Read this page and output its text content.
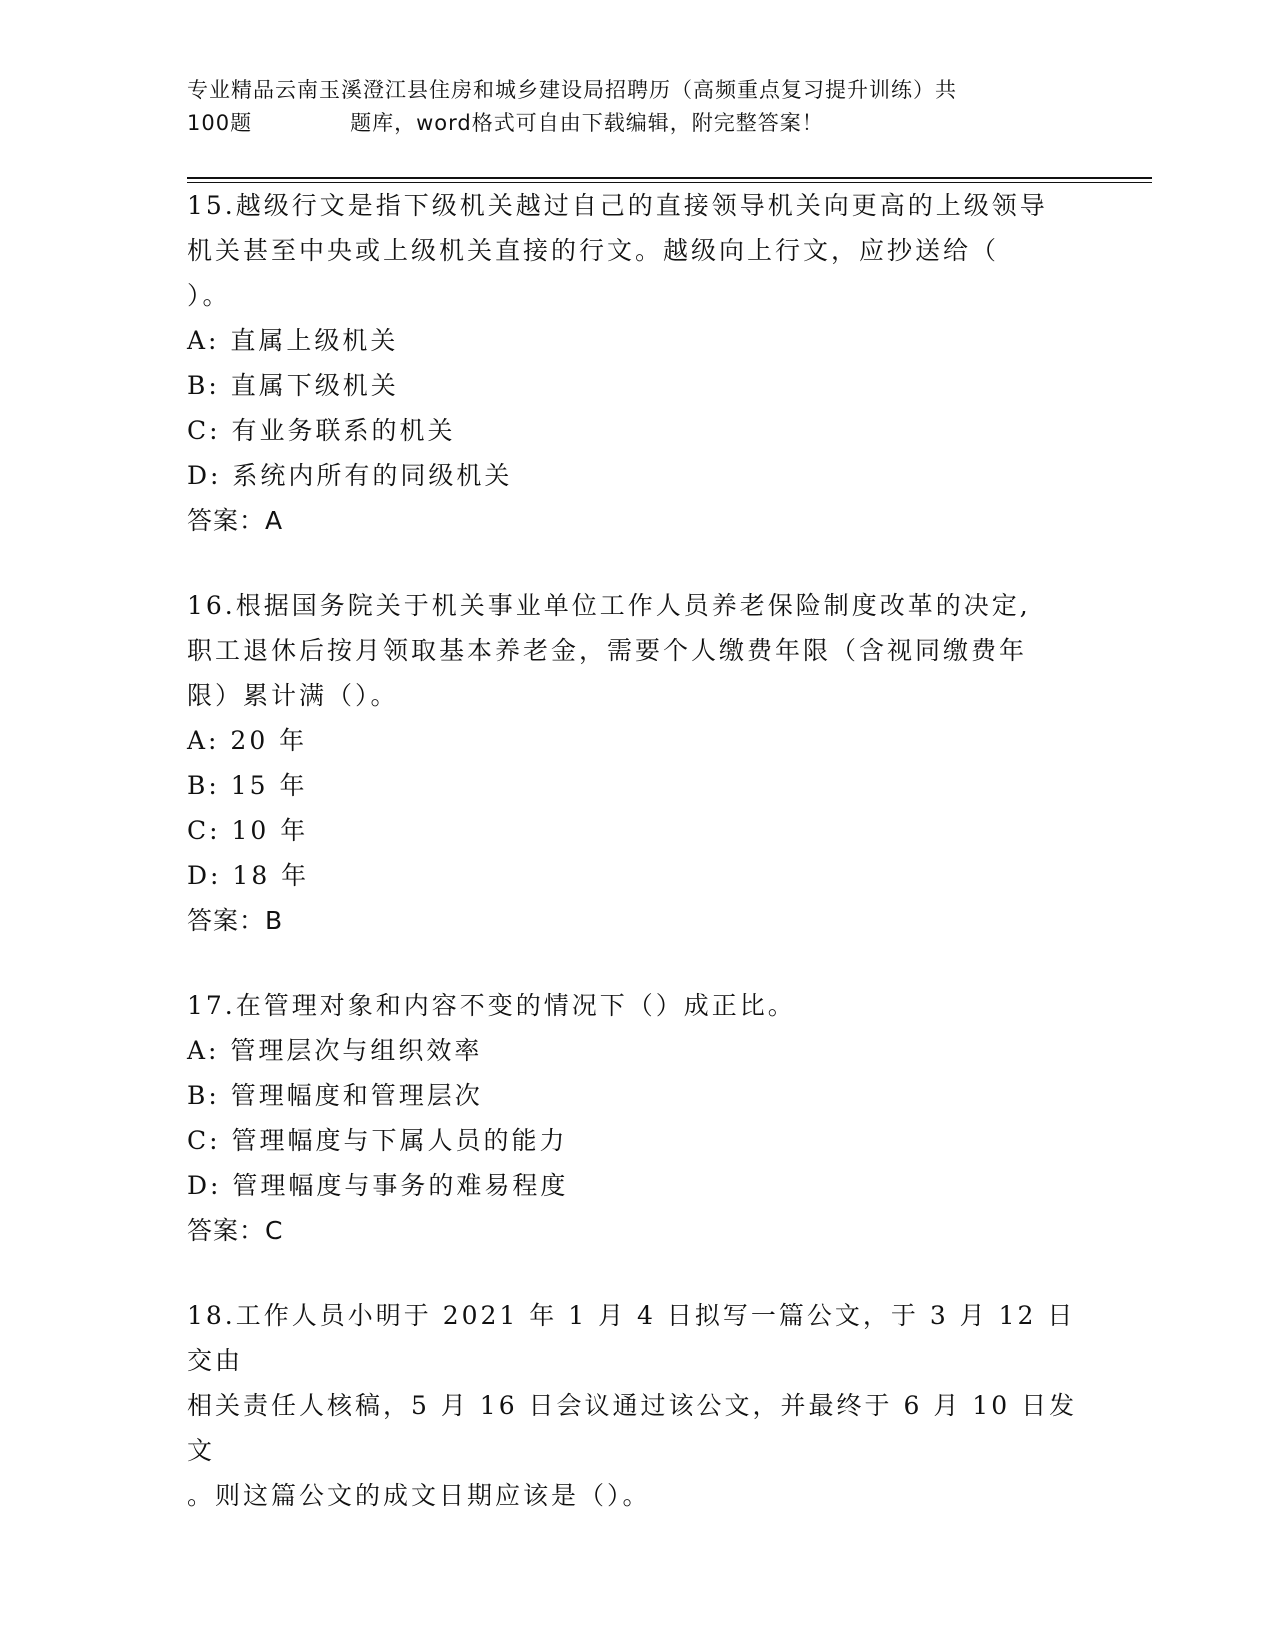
专业精品云南玉溪澄江县住房和城乡建设局招聘历（高频重点复习提升训练）共
100题	题库，word格式可自由下载编辑，附完整答案！
15.越级行文是指下级机关越过自己的直接领导机关向更高的上级领导
机关甚至中央或上级机关直接的行文。越级向上行文，应抄送给（
）。
A: 直属上级机关
B: 直属下级机关
C: 有业务联系的机关
D: 系统内所有的同级机关
答案：A
16.根据国务院关于机关事业单位工作人员养老保险制度改革的决定,
职工退休后按月领取基本养老金，需要个人缴费年限（含视同缴费年
限）累计满（）。
A: 20 年
B: 15 年
C: 10 年
D: 18 年
答案：B
17.在管理对象和内容不变的情况下（）成正比。
A: 管理层次与组织效率
B: 管理幅度和管理层次
C: 管理幅度与下属人员的能力
D: 管理幅度与事务的难易程度
答案：C
18.工作人员小明于 2021 年 1 月 4 日拟写一篇公文，于 3 月 12 日交由
相关责任人核稿，5 月 16 日会议通过该公文，并最终于 6 月 10 日发文
。则这篇公文的成文日期应该是（）。
